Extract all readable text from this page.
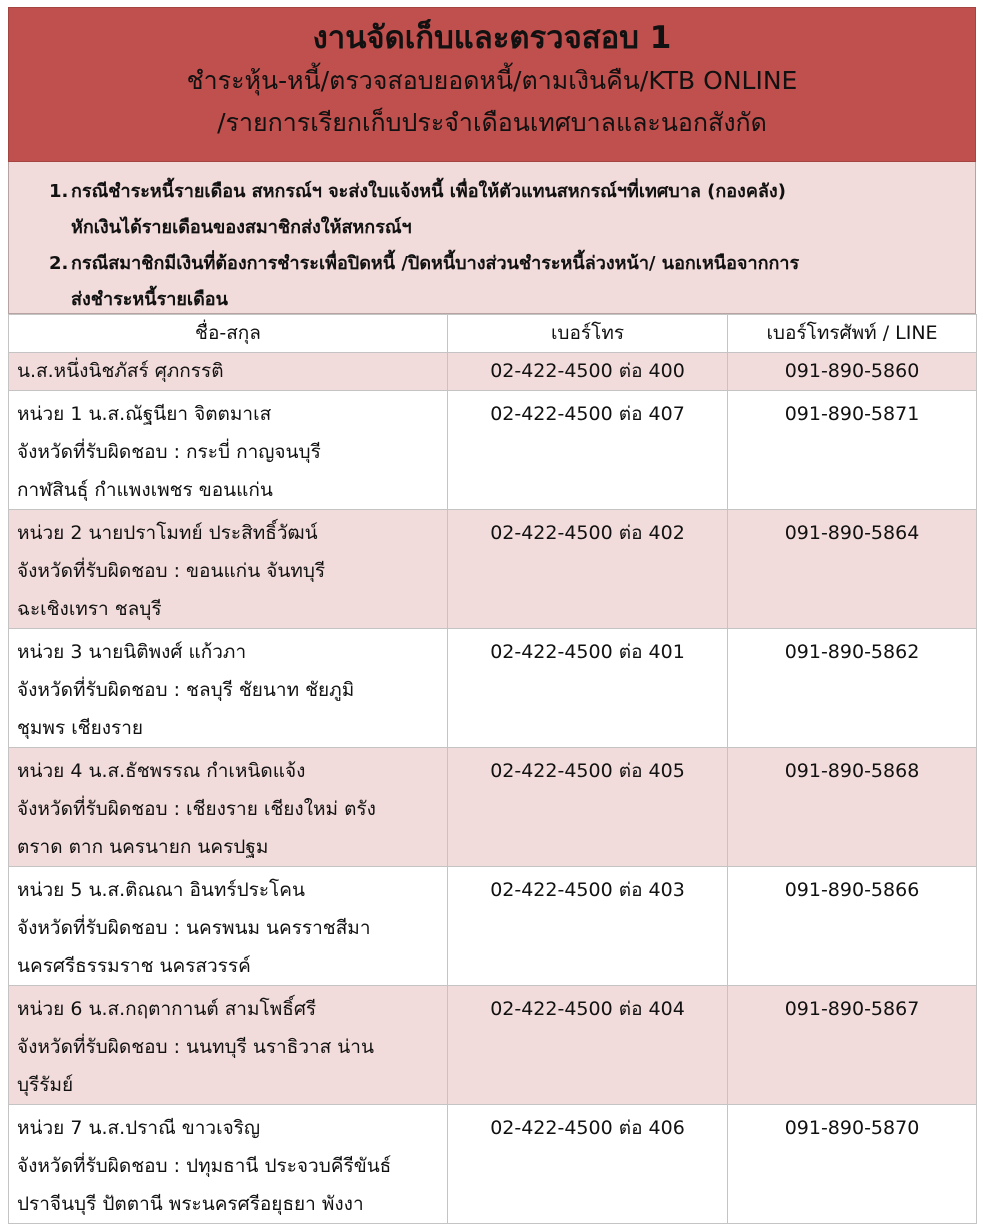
งานจัดเก็บและตรวจสอบ 1
ชำระหุ้น-หนี้/ตรวจสอบยอดหนี้/ตามเงินคืน/KTB ONLINE
/รายการเรียกเก็บประจำเดือนเทศบาลและนอกสังกัด
1. กรณีชำระหนี้รายเดือน สหกรณ์ฯ จะส่งใบแจ้งหนี้ เพื่อให้ตัวแทนสหกรณ์ฯที่เทศบาล (กองคลัง)
หักเงินได้รายเดือนของสมาชิกส่งให้สหกรณ์ฯ
2. กรณีสมาชิกมีเงินที่ต้องการชำระเพื่อปิดหนี้ /ปิดหนี้บางส่วนชำระหนี้ล่วงหน้า/ นอกเหนือจากการ
ส่งชำระหนี้รายเดือน
ชื่อ-สกุล	เบอร์โทร	เบอร์โทรศัพท์ / LINE
น.ส.หนึ่งนิชภัสร์ ศุภกรรติ	02-422-4500 ต่อ 400	091-890-5860

หน่วย 1 น.ส.ณัฐนียา จิตตมาเส
จังหวัดที่รับผิดชอบ : กระบี่ กาญจนบุรี
กาฬสินธุ์ กำแพงเพชร ขอนแก่น	02-422-4500 ต่อ 407	091-890-5871

หน่วย 2 นายปราโมทย์ ประสิทธิ์วัฒน์
จังหวัดที่รับผิดชอบ : ขอนแก่น จันทบุรี
ฉะเชิงเทรา ชลบุรี	02-422-4500 ต่อ 402	091-890-5864

หน่วย 3 นายนิติพงศ์ แก้วภา
จังหวัดที่รับผิดชอบ : ชลบุรี ชัยนาท ชัยภูมิ
ชุมพร เชียงราย	02-422-4500 ต่อ 401	091-890-5862

หน่วย 4 น.ส.ธัชพรรณ กำเหนิดแจ้ง
จังหวัดที่รับผิดชอบ : เชียงราย เชียงใหม่ ตรัง
ตราด ตาก นครนายก นครปฐม	02-422-4500 ต่อ 405	091-890-5868

หน่วย 5 น.ส.ติณณา อินทร์ประโคน
จังหวัดที่รับผิดชอบ : นครพนม นครราชสีมา
นครศรีธรรมราช นครสวรรค์	02-422-4500 ต่อ 403	091-890-5866

หน่วย 6 น.ส.กฤตากานต์ สามโพธิ์ศรี
จังหวัดที่รับผิดชอบ : นนทบุรี นราธิวาส น่าน
บุรีรัมย์	02-422-4500 ต่อ 404	091-890-5867

หน่วย 7 น.ส.ปราณี ขาวเจริญ
จังหวัดที่รับผิดชอบ : ปทุมธานี ประจวบคีรีขันธ์
ปราจีนบุรี ปัตตานี พระนครศรีอยุธยา พังงา	02-422-4500 ต่อ 406	091-890-5870
